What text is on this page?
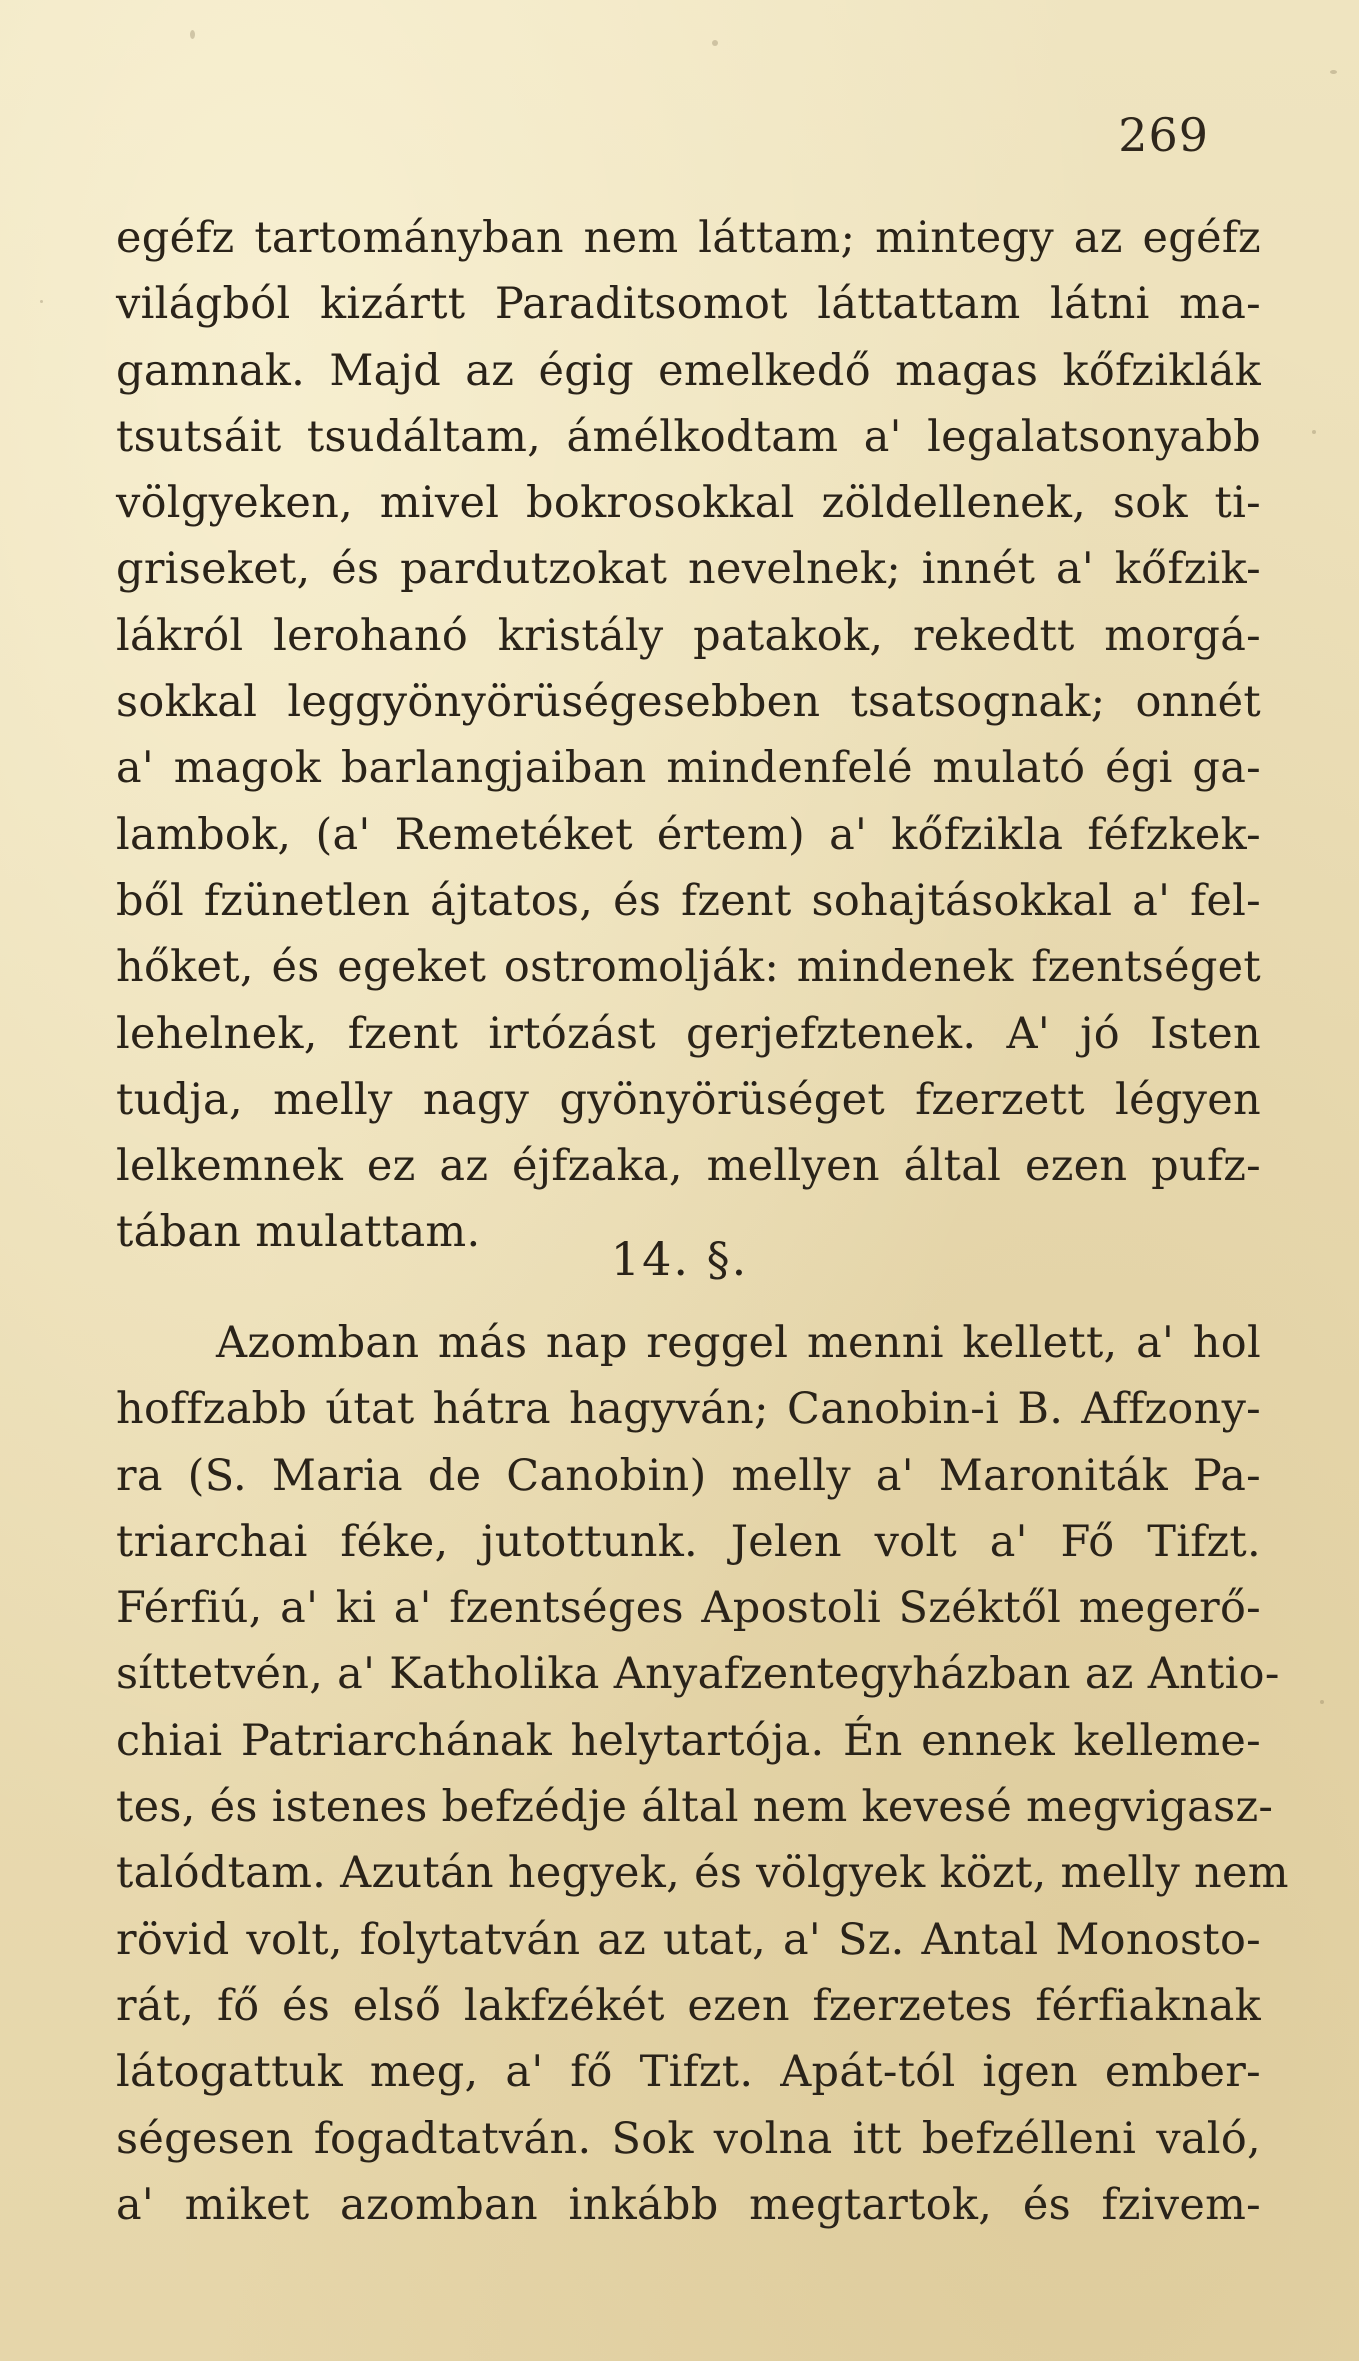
269
egéfz tartományban nem láttam; mintegy az egéfz
világból kizártt Paraditsomot láttattam látni ma-
gamnak. Majd az égig emelkedő magas kőfziklák
tsutsáit tsudáltam, ámélkodtam a' legalatsonyabb
völgyeken, mivel bokrosokkal zöldellenek, sok ti-
griseket, és pardutzokat nevelnek; innét a' kőfzik-
lákról lerohanó kristály patakok, rekedtt morgá-
sokkal leggyönyörüségesebben tsatsognak; onnét
a' magok barlangjaiban mindenfelé mulató égi ga-
lambok, (a' Remetéket értem) a' kőfzikla féfzkek-
ből fzünetlen ájtatos, és fzent sohajtásokkal a' fel-
hőket, és egeket ostromolják: mindenek fzentséget
lehelnek, fzent irtózást gerjefztenek. A' jó Isten
tudja, melly nagy gyönyörüséget fzerzett légyen
lelkemnek ez az éjfzaka, mellyen által ezen pufz-
tában mulattam.	14. §.
Azomban más nap reggel menni kellett, a' hol
hoffzabb útat hátra hagyván; Canobin-i B. Affzony-
ra (S. Maria de Canobin) melly a' Maroniták Pa-
triarchai féke, jutottunk. Jelen volt a' Fő Tifzt.
Férfiú, a' ki a' fzentséges Apostoli Széktől megerő-
síttetvén, a' Katholika Anyafzentegyházban az Antio-
chiai Patriarchának helytartója. Én ennek kelleme-
tes, és istenes befzédje által nem kevesé megvigasz-
talódtam. Azután hegyek, és völgyek közt, melly nem
rövid volt, folytatván az utat, a' Sz. Antal Monosto-
rát, fő és első lakfzékét ezen fzerzetes férfiaknak
látogattuk meg, a' fő Tifzt. Apát-tól igen ember-
ségesen fogadtatván. Sok volna itt befzélleni való,
a' miket azomban inkább megtartok, és fzivem-
